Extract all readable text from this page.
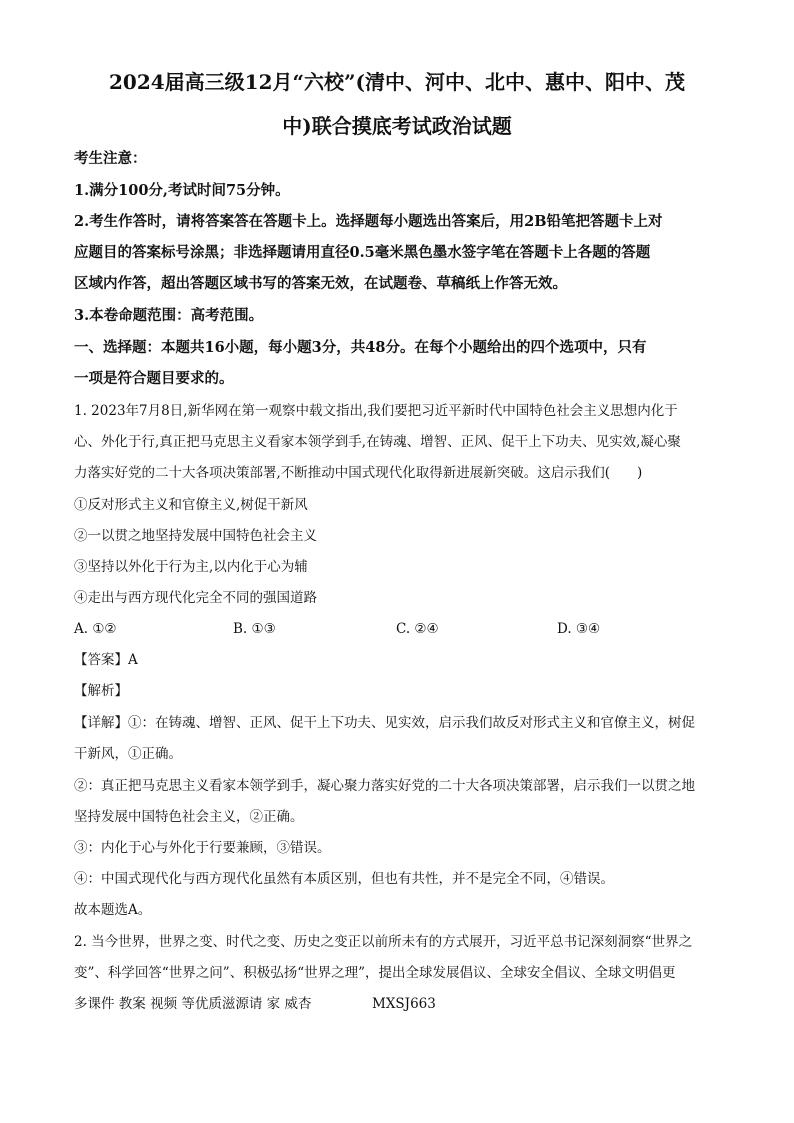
2024届高三级12月“六校”(清中、河中、北中、惠中、阳中、茂
中)联合摸底考试政治试题
考生注意：
1.满分100分,考试时间75分钟。
2.考生作答时，请将答案答在答题卡上。选择题每小题选出答案后，用2B铅笔把答题卡上对
应题目的答案标号涂黑；非选择题请用直径0.5毫米黑色墨水签字笔在答题卡上各题的答题
区域内作答，超出答题区域书写的答案无效，在试题卷、草稿纸上作答无效。
3.本卷命题范围：高考范围。
一、选择题：本题共16小题，每小题3分，共48分。在每个小题给出的四个选项中，只有
一项是符合题目要求的。
1. 2023年7月8日,新华网在第一观察中载文指出,我们要把习近平新时代中国特色社会主义思想内化于
心、外化于行,真正把马克思主义看家本领学到手,在铸魂、增智、正风、促干上下功夫、见实效,凝心聚
力落实好党的二十大各项决策部署,不断推动中国式现代化取得新进展新突破。这启示我们(　　)
①反对形式主义和官僚主义,树促干新风
②一以贯之地坚持发展中国特色社会主义
③坚持以外化于行为主,以内化于心为辅
④走出与西方现代化完全不同的强国道路
A. ①②	B. ①③	C. ②④	D. ③④
【答案】A
【解析】
【详解】①：在铸魂、增智、正风、促干上下功夫、见实效，启示我们故反对形式主义和官僚主义，树促
干新风，①正确。
②：真正把马克思主义看家本领学到手，凝心聚力落实好党的二十大各项决策部署，启示我们一以贯之地
坚持发展中国特色社会主义，②正确。
③：内化于心与外化于行要兼顾，③错误。
④：中国式现代化与西方现代化虽然有本质区别，但也有共性，并不是完全不同，④错误。
故本题选A。
2. 当今世界，世界之变、时代之变、历史之变正以前所未有的方式展开，习近平总书记深刻洞察“世界之
变”、科学回答“世界之问”、积极弘扬“世界之理”，提出全球发展倡议、全球安全倡议、全球文明倡更
多课件 教案 视频 等优质滋源请 家 威杏	MXSJ663
